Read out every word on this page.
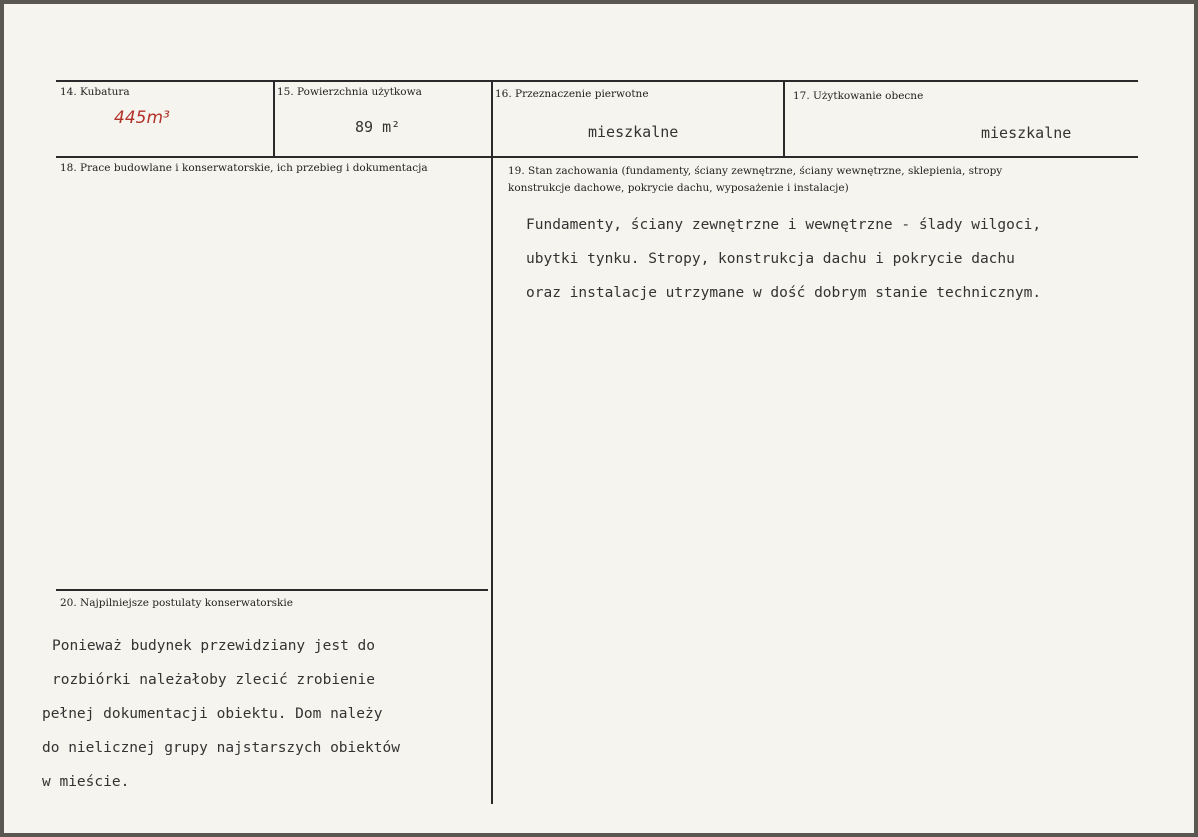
14. Kubatura
445m³
15. Powierzchnia użytkowa
89 m²
16. Przeznaczenie pierwotne
mieszkalne
17. Użytkowanie obecne
mieszkalne
18. Prace budowlane i konserwatorskie, ich przebieg i dokumentacja	19. Stan zachowania (fundamenty, ściany zewnętrzne, ściany wewnętrzne, sklepienia, stropy
konstrukcje dachowe, pokrycie dachu, wyposażenie i instalacje)
Fundamenty, ściany zewnętrzne i wewnętrzne - ślady wilgoci,
ubytki tynku. Stropy, konstrukcja dachu i pokrycie dachu
oraz instalacje utrzymane w dość dobrym stanie technicznym.
20. Najpilniejsze postulaty konserwatorskie
Ponieważ budynek przewidziany jest do
rozbiórki należałoby zlecić zrobienie
pełnej dokumentacji obiektu. Dom należy
do nielicznej grupy najstarszych obiektów
w mieście.
